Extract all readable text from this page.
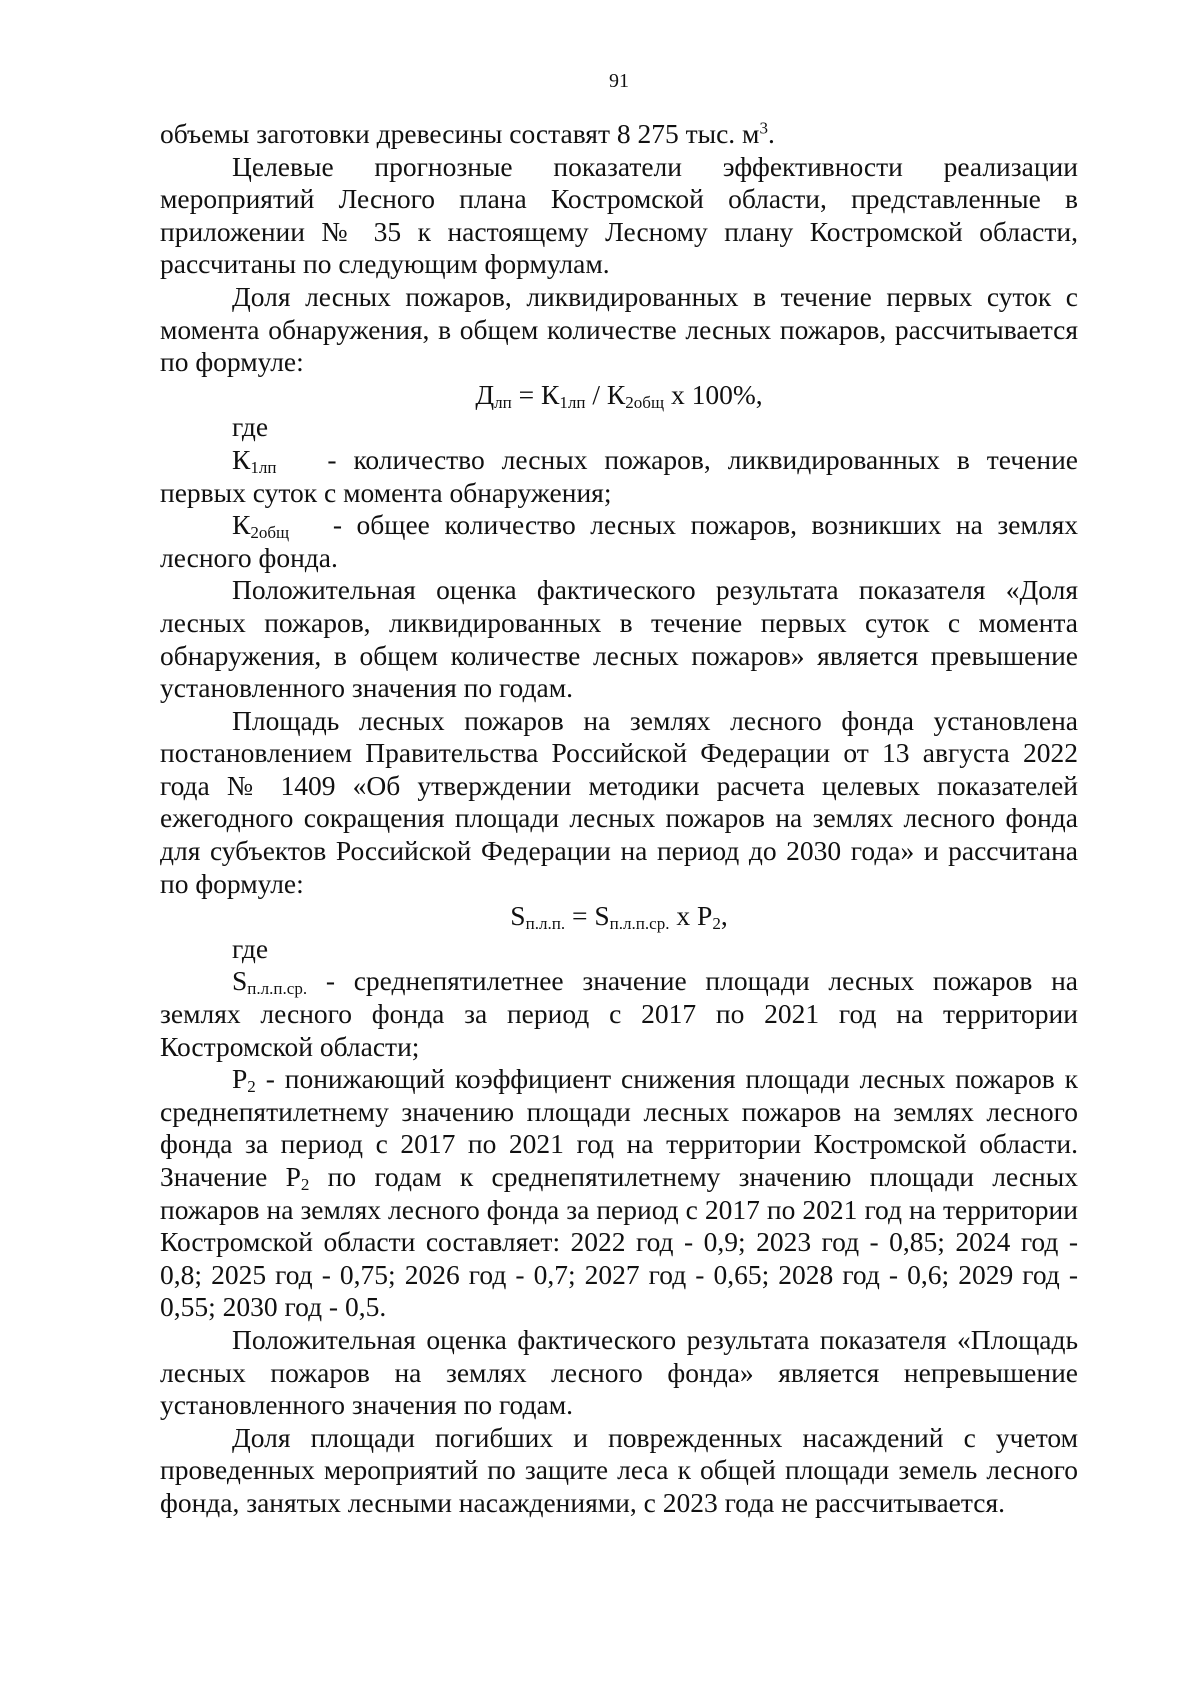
91

объемы заготовки древесины составят 8 275 тыс. $м^3$.

Целевые прогнозные показатели эффективности реализации мероприятий Лесного плана Костромской области, представленные в приложении № 35 к настоящему Лесному плану Костромской области, рассчитаны по следующим формулам.

Доля лесных пожаров, ликвидированных в течение первых суток с момента обнаружения, в общем количестве лесных пожаров, рассчитывается по формуле:

$Д_{лп} = К_{1лп} / К_{2общ}$ х 100%,

где

$К_{1лп}$   - количество лесных пожаров, ликвидированных в течение первых суток с момента обнаружения;

$К_{2общ}$   - общее количество лесных пожаров, возникших на землях лесного фонда.

Положительная оценка фактического результата показателя «Доля лесных пожаров, ликвидированных в течение первых суток с момента обнаружения, в общем количестве лесных пожаров» является превышение установленного значения по годам.

Площадь лесных пожаров на землях лесного фонда установлена постановлением Правительства Российской Федерации от 13 августа 2022 года № 1409 «Об утверждении методики расчета целевых показателей ежегодного сокращения площади лесных пожаров на землях лесного фонда для субъектов Российской Федерации на период до 2030 года» и рассчитана по формуле:

$S_{п.л.п.} = S_{п.л.п.ср.}$ х $Р_2$,

где

$S_{п.л.п.ср.}$ - среднепятилетнее значение площади лесных пожаров на землях лесного фонда за период с 2017 по 2021 год на территории Костромской области;

$Р_2$ - понижающий коэффициент снижения площади лесных пожаров к среднепятилетнему значению площади лесных пожаров на землях лесного фонда за период с 2017 по 2021 год на территории Костромской области. Значение $Р_2$ по годам к среднепятилетнему значению площади лесных пожаров на землях лесного фонда за период с 2017 по 2021 год на территории Костромской области составляет: 2022 год - 0,9; 2023 год - 0,85; 2024 год - 0,8; 2025 год - 0,75; 2026 год - 0,7; 2027 год - 0,65; 2028 год - 0,6; 2029 год - 0,55; 2030 год - 0,5.

Положительная оценка фактического результата показателя «Площадь лесных пожаров на землях лесного фонда» является непревышение установленного значения по годам.

Доля площади погибших и поврежденных насаждений с учетом проведенных мероприятий по защите леса к общей площади земель лесного фонда, занятых лесными насаждениями, с 2023 года не рассчитывается.
